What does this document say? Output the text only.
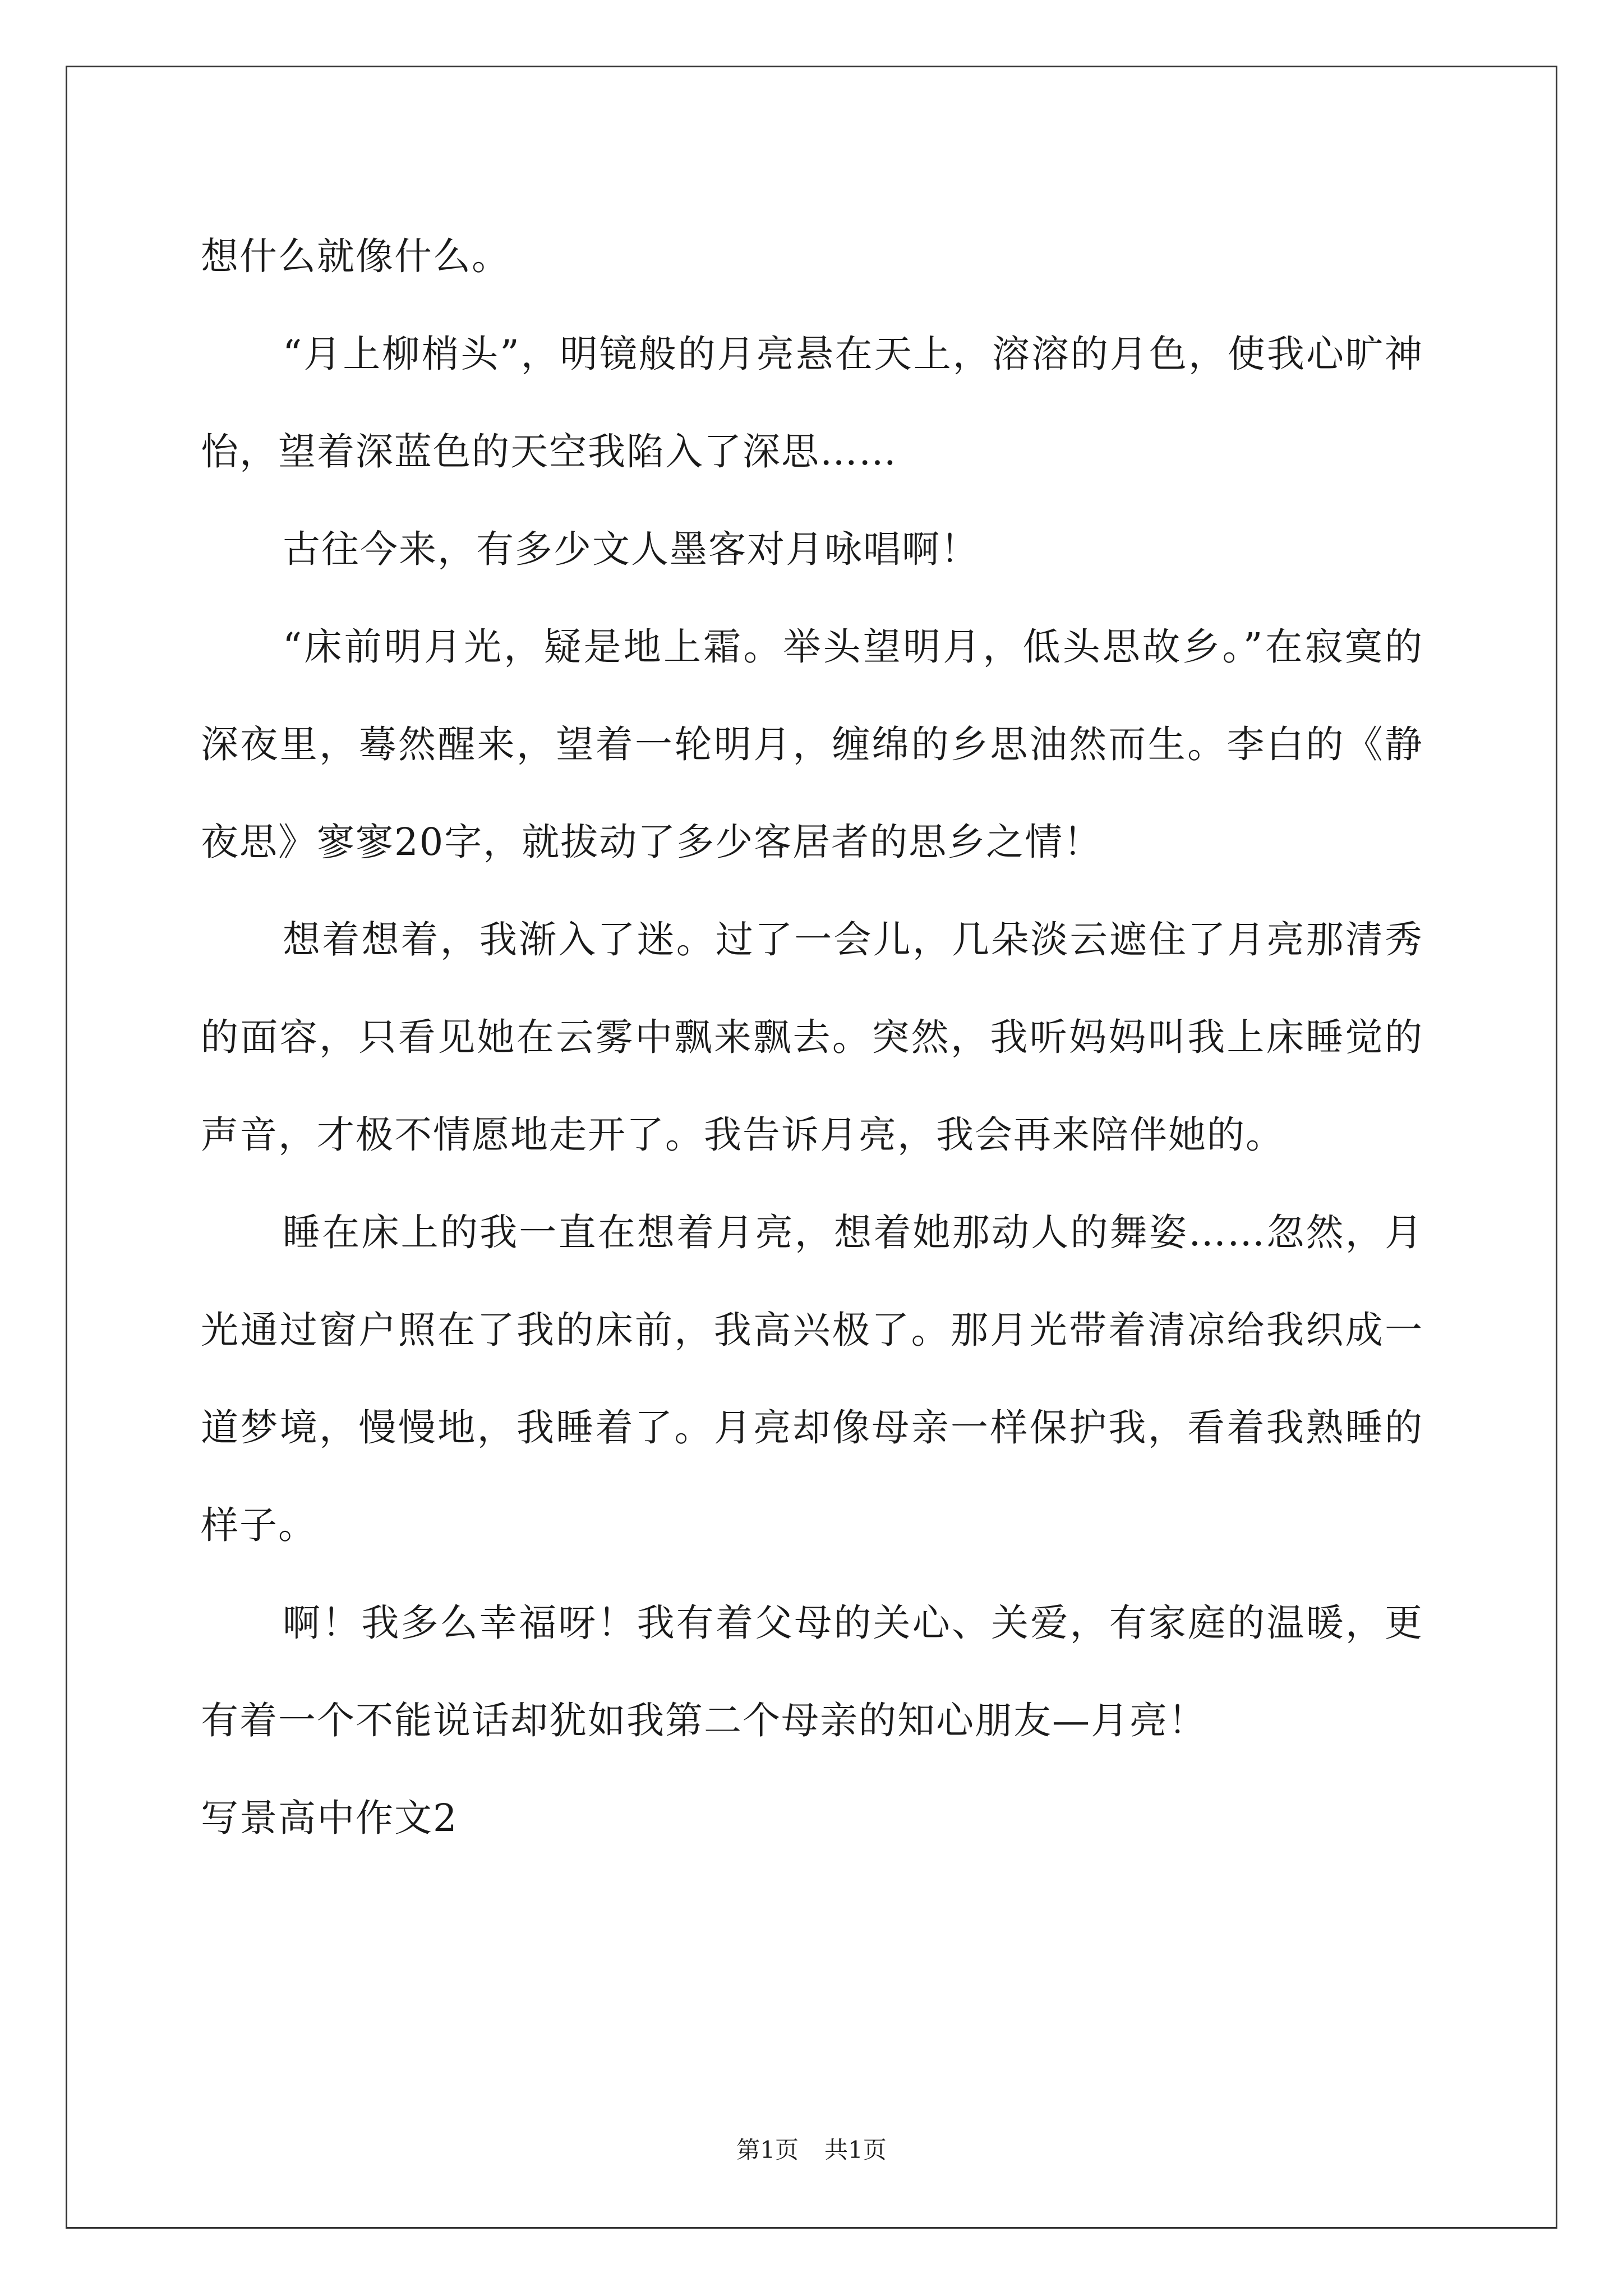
想什么就像什么。

“月上柳梢头”，明镜般的月亮悬在天上，溶溶的月色，使我心旷神怡，望着深蓝色的天空我陷入了深思……

古往今来，有多少文人墨客对月咏唱啊！

“床前明月光，疑是地上霜。举头望明月，低头思故乡。”在寂寞的深夜里，蓦然醒来，望着一轮明月，缠绵的乡思油然而生。李白的《静夜思》寥寥20字，就拔动了多少客居者的思乡之情！

想着想着，我渐入了迷。过了一会儿，几朵淡云遮住了月亮那清秀的面容，只看见她在云雾中飘来飘去。突然，我听妈妈叫我上床睡觉的声音，才极不情愿地走开了。我告诉月亮，我会再来陪伴她的。

睡在床上的我一直在想着月亮，想着她那动人的舞姿……忽然，月光通过窗户照在了我的床前，我高兴极了。那月光带着清凉给我织成一道梦境，慢慢地，我睡着了。月亮却像母亲一样保护我，看着我熟睡的样子。

啊！我多么幸福呀！我有着父母的关心、关爱，有家庭的温暖，更有着一个不能说话却犹如我第二个母亲的知心朋友—月亮！

写景高中作文2

第1页 共1页
